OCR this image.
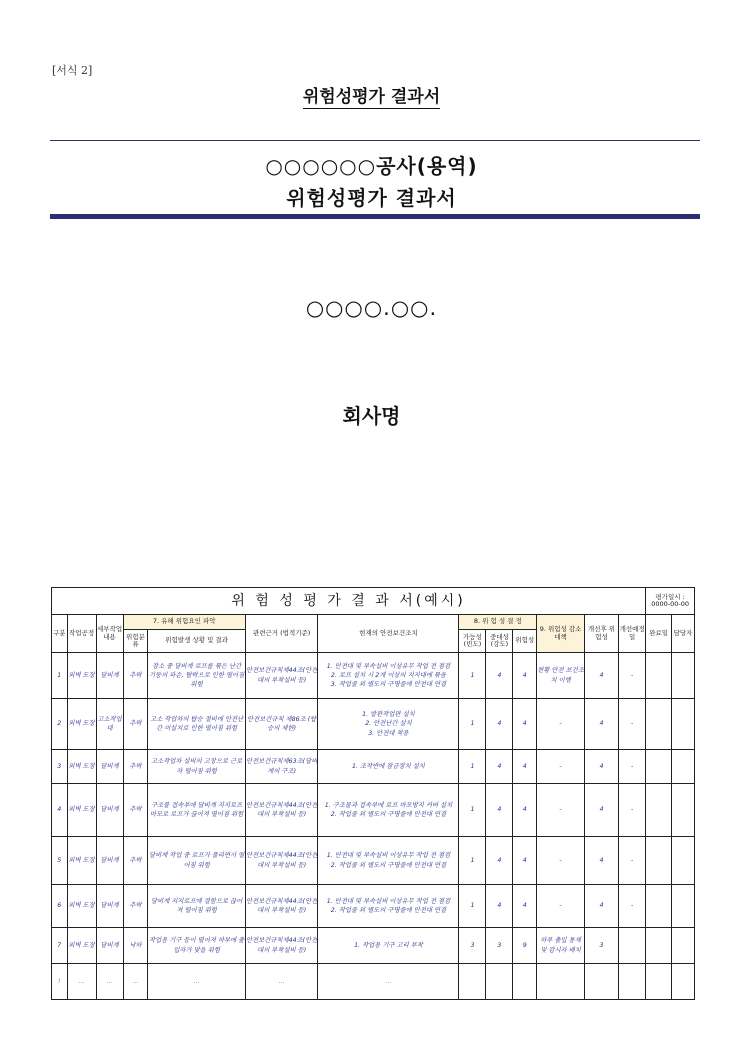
[서식 2]
위험성평가 결과서
○○○○○○공사(용역)
위험성평가 결과서
○○○○.○○.
회사명
위 험 성 평 가 결 과 서(예시)													평가일시 :
0000-00-00	

구분	작업공정	세부작업내용	7. 유해 위험요인 파악		관련근거 (법적기준)	현재의 안전보건조치	8. 위 험 성 결 정			9. 위험성 감소대책	개선후 위험성	개선예정일	완료일	담당자
			위험분류	위험발생 상황 및 결과			가능성 (빈도)	중대성 (강도)	위험성					
1	외벽 도장	달비계	추락	장소 중 달비계 로프를 묶은 난간 기둥의 파손, 탈락으로 인한 떨어짐 위험	안전보건규칙제44조(안전대의 부착설비 등)	1. 안전대 및 부속설비 이상유무 작업 전 점검
2. 로프 설치 시 2개 이상의 지지대에 묶음
3. 작업줄 외 별도의 구명줄에 안전대 연결	1	4	4	현황 안전 보건조치 이행	4	-		
2	외벽 도장	고소작업대	추락	고소 작업차의 탑승 절비에 안전난간 미설치로 인한 떨어짐 위험	안전보건규칙 제86조 (탑승의 제한)	1. 발판작업판 설치
2. 안전난간 설치
3. 안전대 착용	1	4	4	-	4	-		
3	외벽 도장	달비계	추락	고소작업차 설비의 고장으로 근로자 떨어짐 위험	안전보건규칙제63조(달비계의 구조)	1. 조작반에 잠금장치 설치	1	4	4	-	4	-		
4	외벽 도장	달비계	추락	구조물 접속부에 달비계 지지로프 마모로 로프가 끊어져 떨어짐 위험	안전보건규칙제44조(안전대의 부착설비 등)	1. 구조물과 접속부에 로프 마모방지 커버 설치
2. 작업줄 외 별도의 구명줄에 안전대 연결	1	4	4	-	4	-		
5	외벽 도장	달비계	추락	달비계 작업 중 로프가 풀리면서 떨어짐 위험	안전보건규칙제44조(안전대의 부착설비 등)	1. 안전대 및 부속설비 이상유무 작업 전 점검
2. 작업줄 외 별도의 구명줄에 안전대 연결	1	4	4	-	4	-		
6	외벽 도장	달비계	추락	달비계 지지로프에 결함으로 끊어져 떨어짐 위험	안전보건규칙제44조(안전대의 부착설비 등)	1. 안전대 및 부속설비 이상유무 작업 전 점검
2. 작업줄 외 별도의 구명줄에 안전대 연결	1	4	4	-	4	-		
7	외벽 도장	달비계	낙하	작업용 기구 등이 떨어져 하부에 출입자가 맞을 위험	안전보건규칙제44조(안전대의 부착설비 등)	1. 작업용 기구 고리 부착	3	3	9	하부 출입 통제 및 감시자 배치	3			
!	...	...	...	...	...	...								
